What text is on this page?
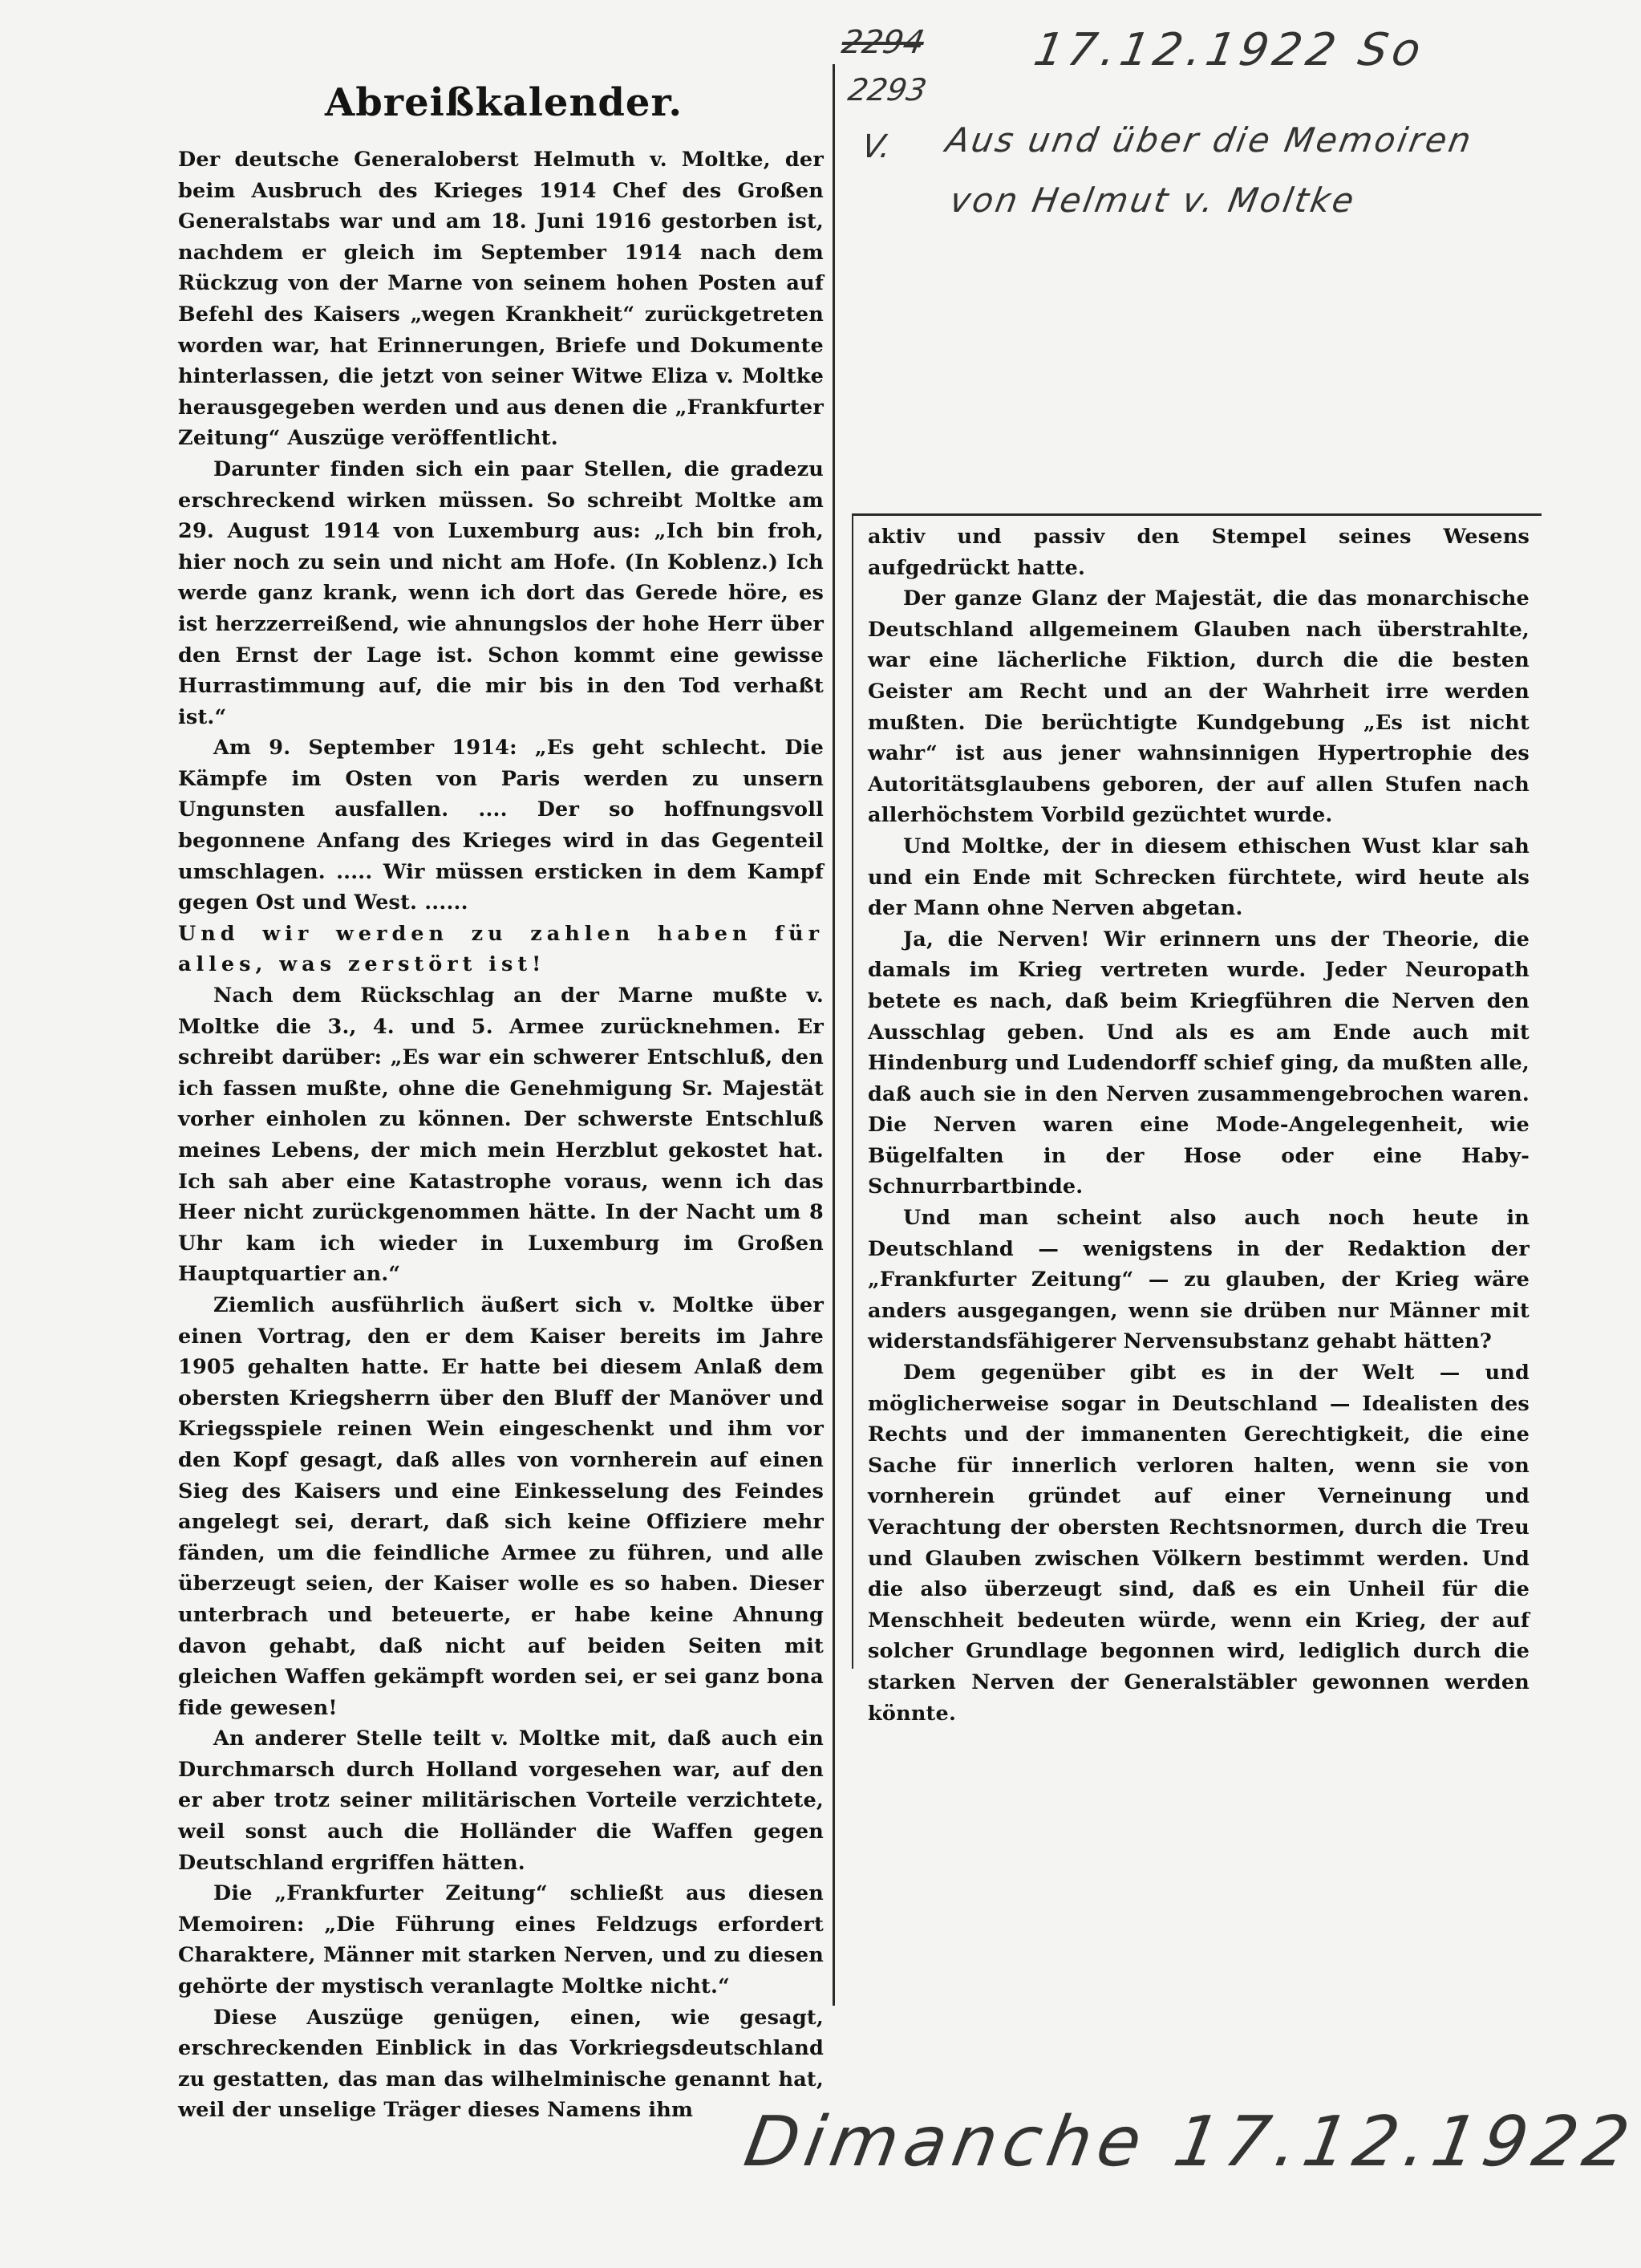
2294
2293
17.12.1922 So
V. Aus und über die Memoiren
von Helmut v. Moltke
Dimanche 17.12.1922
Abreißkalender.

Der deutsche Generaloberst Helmuth v. Moltke, der beim Ausbruch des Krieges 1914 Chef des Großen Generalstabs war und am 18. Juni 1916 gestorben ist, nachdem er gleich im September 1914 nach dem Rückzug von der Marne von seinem hohen Posten auf Befehl des Kaisers „wegen Krankheit“ zurückgetreten worden war, hat Erinnerungen, Briefe und Dokumente hinterlassen, die jetzt von seiner Witwe Eliza v. Moltke herausgegeben werden und aus denen die „Frankfurter Zeitung“ Auszüge veröffentlicht.

Darunter finden sich ein paar Stellen, die gradezu erschreckend wirken müssen. So schreibt Moltke am 29. August 1914 von Luxemburg aus: „Ich bin froh, hier noch zu sein und nicht am Hofe. (In Koblenz.) Ich werde ganz krank, wenn ich dort das Gerede höre, es ist herzzerreißend, wie ahnungslos der hohe Herr über den Ernst der Lage ist. Schon kommt eine gewisse Hurrastimmung auf, die mir bis in den Tod verhaßt ist.“

Am 9. September 1914: „Es geht schlecht. Die Kämpfe im Osten von Paris werden zu unsern Ungunsten ausfallen. .... Der so hoffnungsvoll begonnene Anfang des Krieges wird in das Gegenteil umschlagen. ..... Wir müssen ersticken in dem Kampf gegen Ost und West. ......

Und wir werden zu zahlen haben für alles, was zerstört ist!

Nach dem Rückschlag an der Marne mußte v. Moltke die 3., 4. und 5. Armee zurücknehmen. Er schreibt darüber: „Es war ein schwerer Entschluß, den ich fassen mußte, ohne die Genehmigung Sr. Majestät vorher einholen zu können. Der schwerste Entschluß meines Lebens, der mich mein Herzblut gekostet hat. Ich sah aber eine Katastrophe voraus, wenn ich das Heer nicht zurückgenommen hätte. In der Nacht um 8 Uhr kam ich wieder in Luxemburg im Großen Hauptquartier an.“

Ziemlich ausführlich äußert sich v. Moltke über einen Vortrag, den er dem Kaiser bereits im Jahre 1905 gehalten hatte. Er hatte bei diesem Anlaß dem obersten Kriegsherrn über den Bluff der Manöver und Kriegsspiele reinen Wein eingeschenkt und ihm vor den Kopf gesagt, daß alles von vornherein auf einen Sieg des Kaisers und eine Einkesselung des Feindes angelegt sei, derart, daß sich keine Offiziere mehr fänden, um die feindliche Armee zu führen, und alle überzeugt seien, der Kaiser wolle es so haben. Dieser unterbrach und beteuerte, er habe keine Ahnung davon gehabt, daß nicht auf beiden Seiten mit gleichen Waffen gekämpft worden sei, er sei ganz bona fide gewesen!

An anderer Stelle teilt v. Moltke mit, daß auch ein Durchmarsch durch Holland vorgesehen war, auf den er aber trotz seiner militärischen Vorteile verzichtete, weil sonst auch die Holländer die Waffen gegen Deutschland ergriffen hätten.

Die „Frankfurter Zeitung“ schließt aus diesen Memoiren: „Die Führung eines Feldzugs erfordert Charaktere, Männer mit starken Nerven, und zu diesen gehörte der mystisch veranlagte Moltke nicht.“

Diese Auszüge genügen, einen, wie gesagt, erschreckenden Einblick in das Vorkriegsdeutschland zu gestatten, das man das wilhelminische genannt hat, weil der unselige Träger dieses Namens ihm

aktiv und passiv den Stempel seines Wesens aufgedrückt hatte.

Der ganze Glanz der Majestät, die das monarchische Deutschland allgemeinem Glauben nach überstrahlte, war eine lächerliche Fiktion, durch die die besten Geister am Recht und an der Wahrheit irre werden mußten. Die berüchtigte Kundgebung „Es ist nicht wahr“ ist aus jener wahnsinnigen Hypertrophie des Autoritätsglaubens geboren, der auf allen Stufen nach allerhöchstem Vorbild gezüchtet wurde.

Und Moltke, der in diesem ethischen Wust klar sah und ein Ende mit Schrecken fürchtete, wird heute als der Mann ohne Nerven abgetan.

Ja, die Nerven! Wir erinnern uns der Theorie, die damals im Krieg vertreten wurde. Jeder Neuropath betete es nach, daß beim Kriegführen die Nerven den Ausschlag geben. Und als es am Ende auch mit Hindenburg und Ludendorff schief ging, da mußten alle, daß auch sie in den Nerven zusammengebrochen waren. Die Nerven waren eine Mode-Angelegenheit, wie Bügelfalten in der Hose oder eine Haby-Schnurrbartbinde.

Und man scheint also auch noch heute in Deutschland — wenigstens in der Redaktion der „Frankfurter Zeitung“ — zu glauben, der Krieg wäre anders ausgegangen, wenn sie drüben nur Männer mit widerstandsfähigerer Nervensubstanz gehabt hätten?

Dem gegenüber gibt es in der Welt — und möglicherweise sogar in Deutschland — Idealisten des Rechts und der immanenten Gerechtigkeit, die eine Sache für innerlich verloren halten, wenn sie von vornherein gründet auf einer Verneinung und Verachtung der obersten Rechtsnormen, durch die Treu und Glauben zwischen Völkern bestimmt werden. Und die also überzeugt sind, daß es ein Unheil für die Menschheit bedeuten würde, wenn ein Krieg, der auf solcher Grundlage begonnen wird, lediglich durch die starken Nerven der Generalstäbler gewonnen werden könnte.
